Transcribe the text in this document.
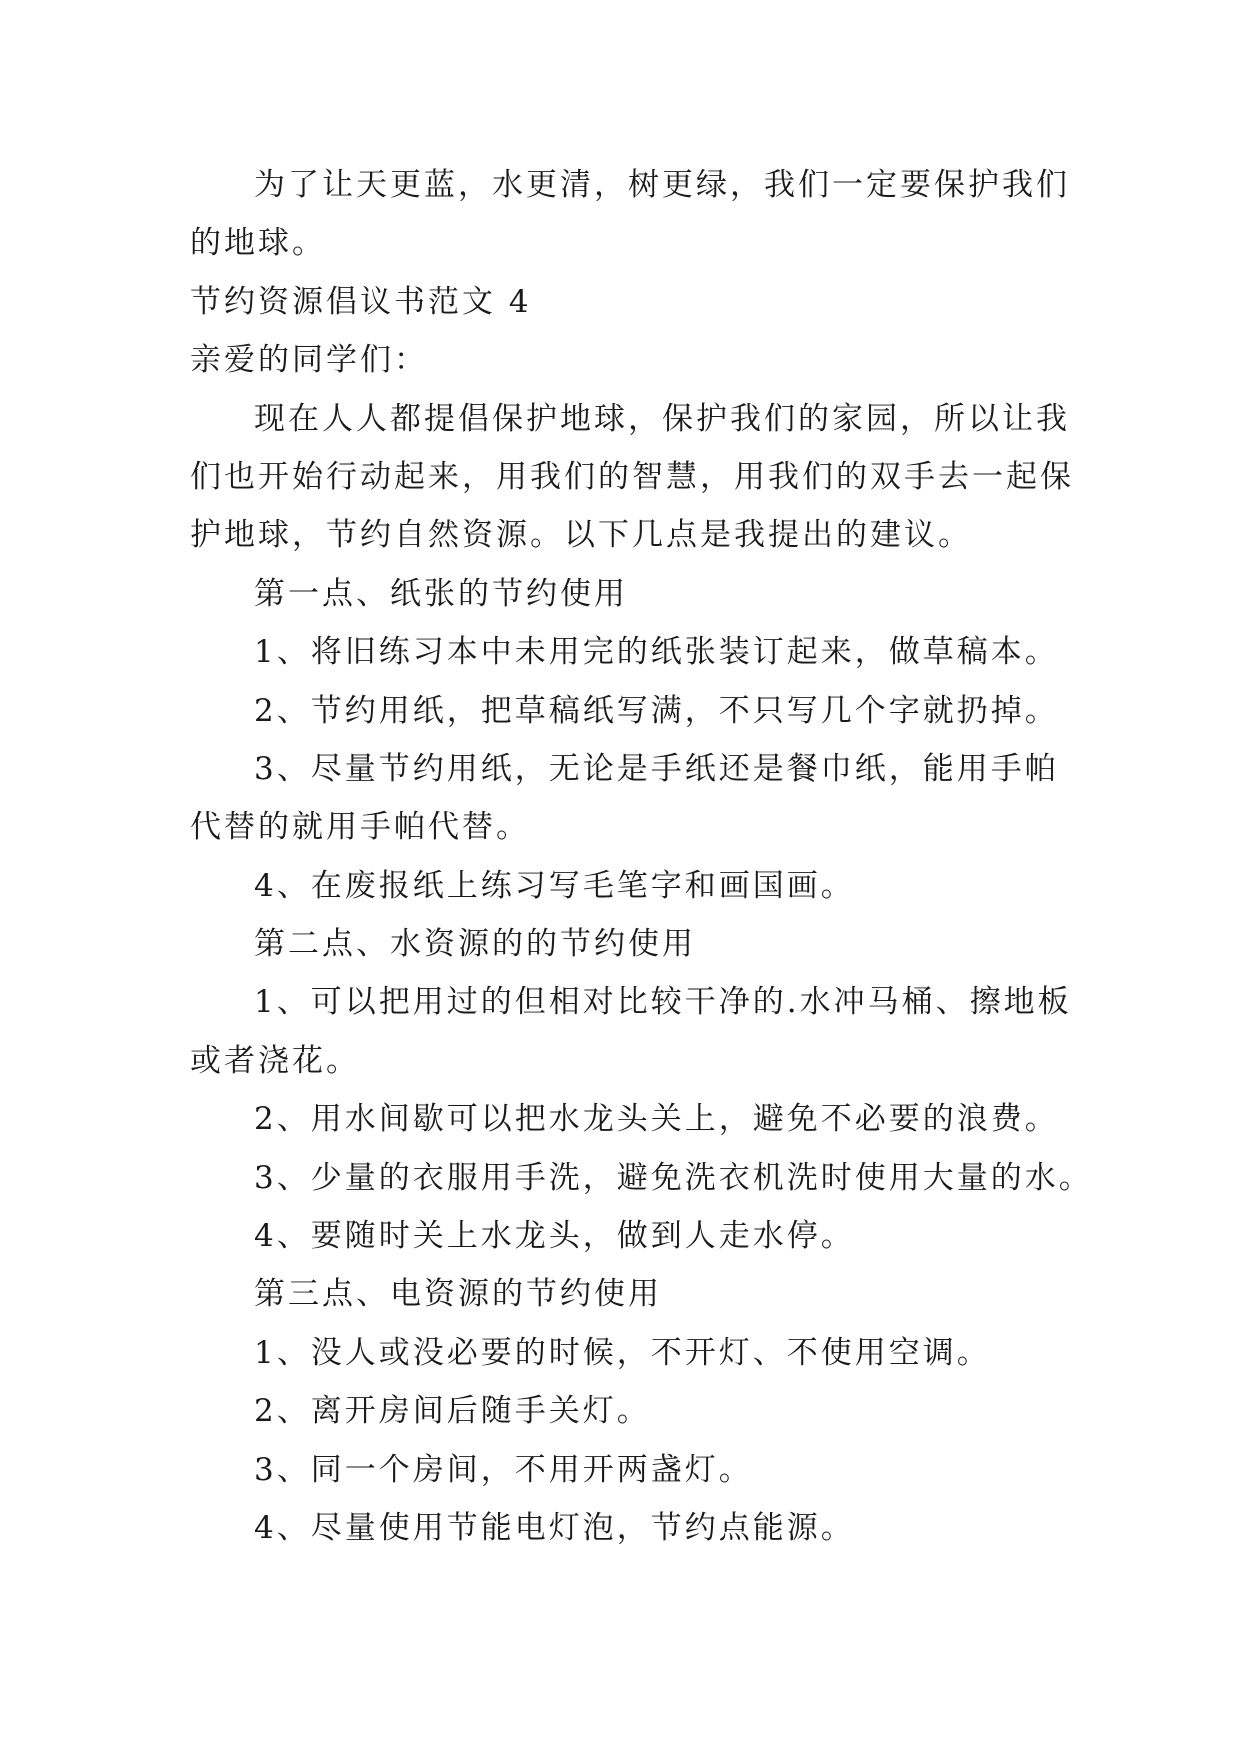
为了让天更蓝，水更清，树更绿，我们一定要保护我们
的地球。
节约资源倡议书范文 4
亲爱的同学们：
现在人人都提倡保护地球，保护我们的家园，所以让我
们也开始行动起来，用我们的智慧，用我们的双手去一起保
护地球，节约自然资源。以下几点是我提出的建议。
第一点、纸张的节约使用
1、将旧练习本中未用完的纸张装订起来，做草稿本。
2、节约用纸，把草稿纸写满，不只写几个字就扔掉。
3、尽量节约用纸，无论是手纸还是餐巾纸，能用手帕
代替的就用手帕代替。
4、在废报纸上练习写毛笔字和画国画。
第二点、水资源的的节约使用
1、可以把用过的但相对比较干净的.水冲马桶、擦地板
或者浇花。
2、用水间歇可以把水龙头关上，避免不必要的浪费。
3、少量的衣服用手洗，避免洗衣机洗时使用大量的水。
4、要随时关上水龙头，做到人走水停。
第三点、电资源的节约使用
1、没人或没必要的时候，不开灯、不使用空调。
2、离开房间后随手关灯。
3、同一个房间，不用开两盏灯。
4、尽量使用节能电灯泡，节约点能源。
